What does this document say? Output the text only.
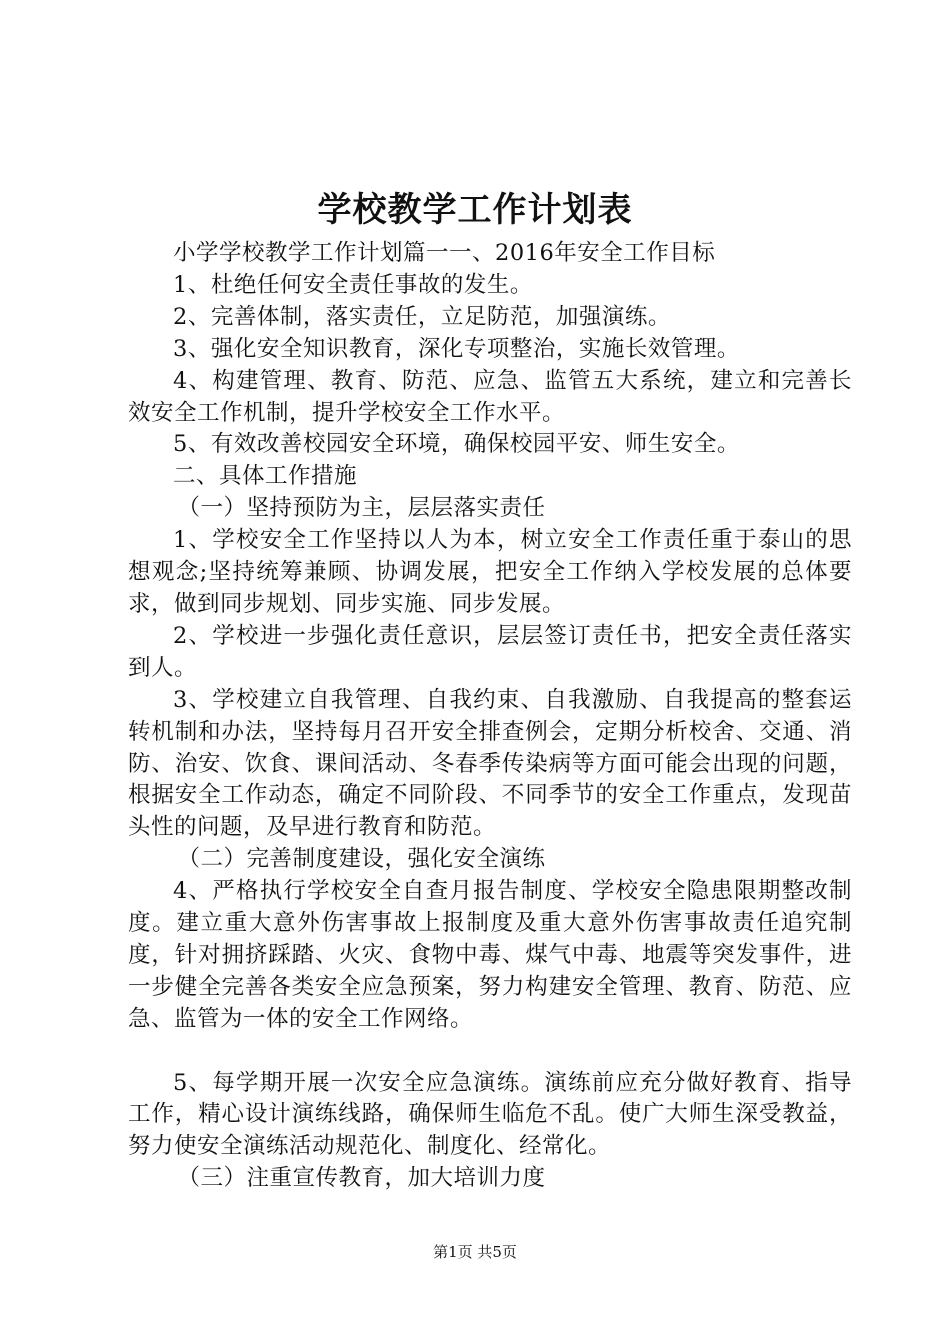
学校教学工作计划表

小学学校教学工作计划篇一一、2016年安全工作目标

1、杜绝任何安全责任事故的发生。

2、完善体制，落实责任，立足防范，加强演练。

3、强化安全知识教育，深化专项整治，实施长效管理。

4、构建管理、教育、防范、应急、监管五大系统，建立和完善长效安全工作机制，提升学校安全工作水平。

5、有效改善校园安全环境，确保校园平安、师生安全。

二、具体工作措施

（一）坚持预防为主，层层落实责任

1、学校安全工作坚持以人为本，树立安全工作责任重于泰山的思想观念;坚持统筹兼顾、协调发展，把安全工作纳入学校发展的总体要求，做到同步规划、同步实施、同步发展。

2、学校进一步强化责任意识，层层签订责任书，把安全责任落实到人。

3、学校建立自我管理、自我约束、自我激励、自我提高的整套运转机制和办法，坚持每月召开安全排查例会，定期分析校舍、交通、消防、治安、饮食、课间活动、冬春季传染病等方面可能会出现的问题，根据安全工作动态，确定不同阶段、不同季节的安全工作重点，发现苗头性的问题，及早进行教育和防范。

（二）完善制度建设，强化安全演练

4、严格执行学校安全自查月报告制度、学校安全隐患限期整改制度。建立重大意外伤害事故上报制度及重大意外伤害事故责任追究制度，针对拥挤踩踏、火灾、食物中毒、煤气中毒、地震等突发事件，进一步健全完善各类安全应急预案，努力构建安全管理、教育、防范、应急、监管为一体的安全工作网络。

5、每学期开展一次安全应急演练。演练前应充分做好教育、指导工作，精心设计演练线路，确保师生临危不乱。使广大师生深受教益，努力使安全演练活动规范化、制度化、经常化。

（三）注重宣传教育，加大培训力度

第1页 共5页
